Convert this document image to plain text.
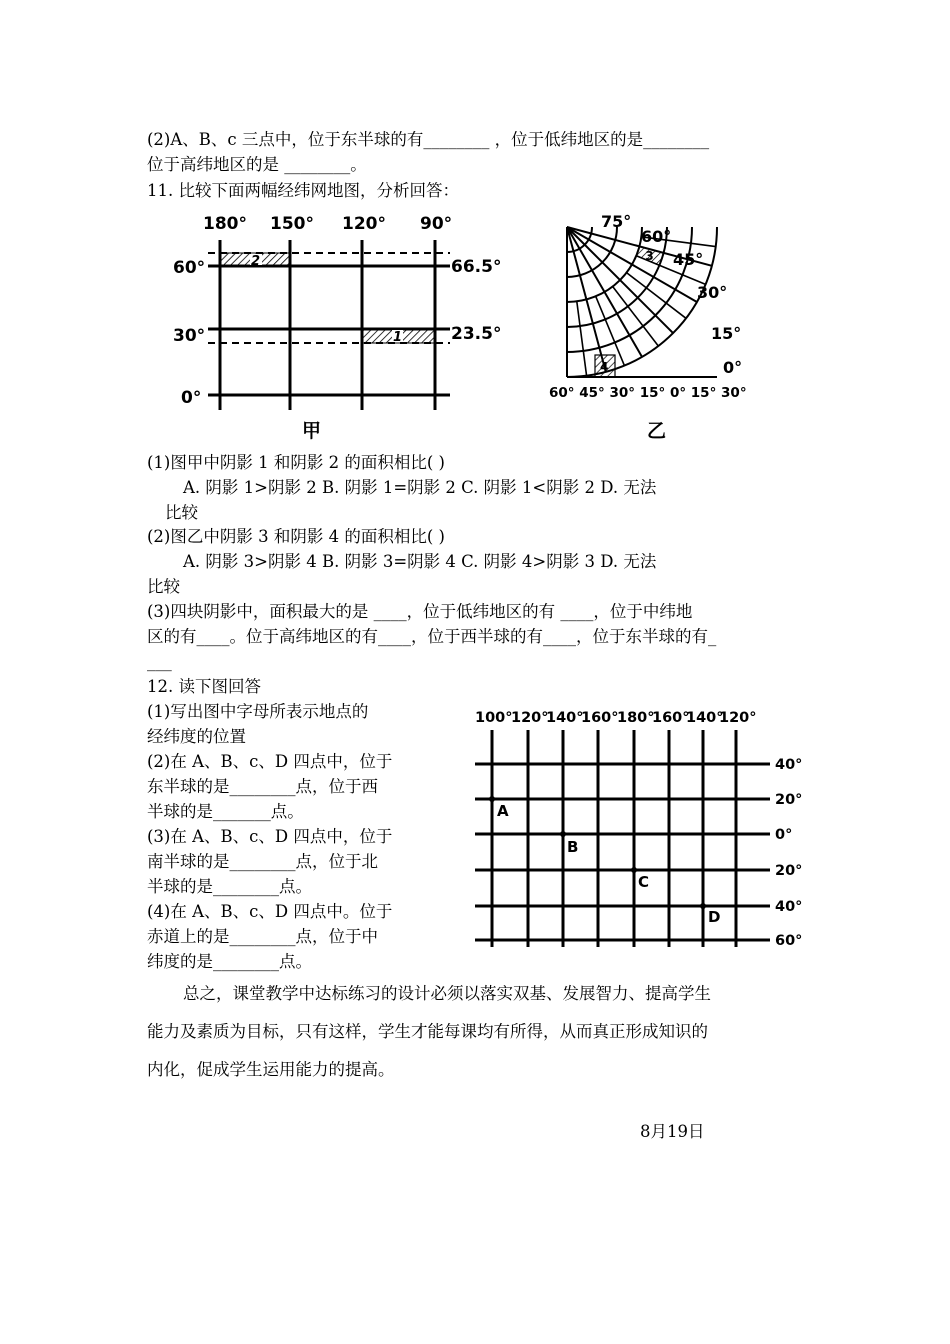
(2)A、B、c 三点中，位于东半球的有________ ，位于低纬地区的是________
位于高纬地区的是 ________。
11. 比较下面两幅经纬网地图，分析回答：
180° 150° 120° 90°
2
1
60°
30°
0°
66.5°
23.5°
甲
3
4
75°
60°
45°
30°
15°
0°
60° 45° 30° 15° 0° 15° 30°
乙
(1)图甲中阴影 1 和阴影 2 的面积相比( )
A. 阴影 1>阴影 2 B. 阴影 1=阴影 2 C. 阴影 1<阴影 2 D. 无法
比较
(2)图乙中阴影 3 和阴影 4 的面积相比( )
A. 阴影 3>阴影 4 B. 阴影 3=阴影 4 C. 阴影 4>阴影 3 D. 无法
比较
(3)四块阴影中，面积最大的是 ____，位于低纬地区的有 ____，位于中纬地
区的有____。位于高纬地区的有____，位于西半球的有____，位于东半球的有_
___
12. 读下图回答
(1)写出图中字母所表示地点的
经纬度的位置
(2)在 A、B、c、D 四点中，位于
东半球的是________点，位于西
半球的是_______点。
(3)在 A、B、c、D 四点中，位于
南半球的是________点，位于北
半球的是________点。
(4)在 A、B、c、D 四点中。位于
赤道上的是________点，位于中
纬度的是________点。
100°
120°
140°
160°
180°
160°
140°
120°
40°
20°
0°
20°
40°
60°
A
B
C
D
总之，课堂教学中达标练习的设计必须以落实双基、发展智力、提高学生
能力及素质为目标，只有这样，学生才能每课均有所得，从而真正形成知识的
内化，促成学生运用能力的提高。
8月19日
